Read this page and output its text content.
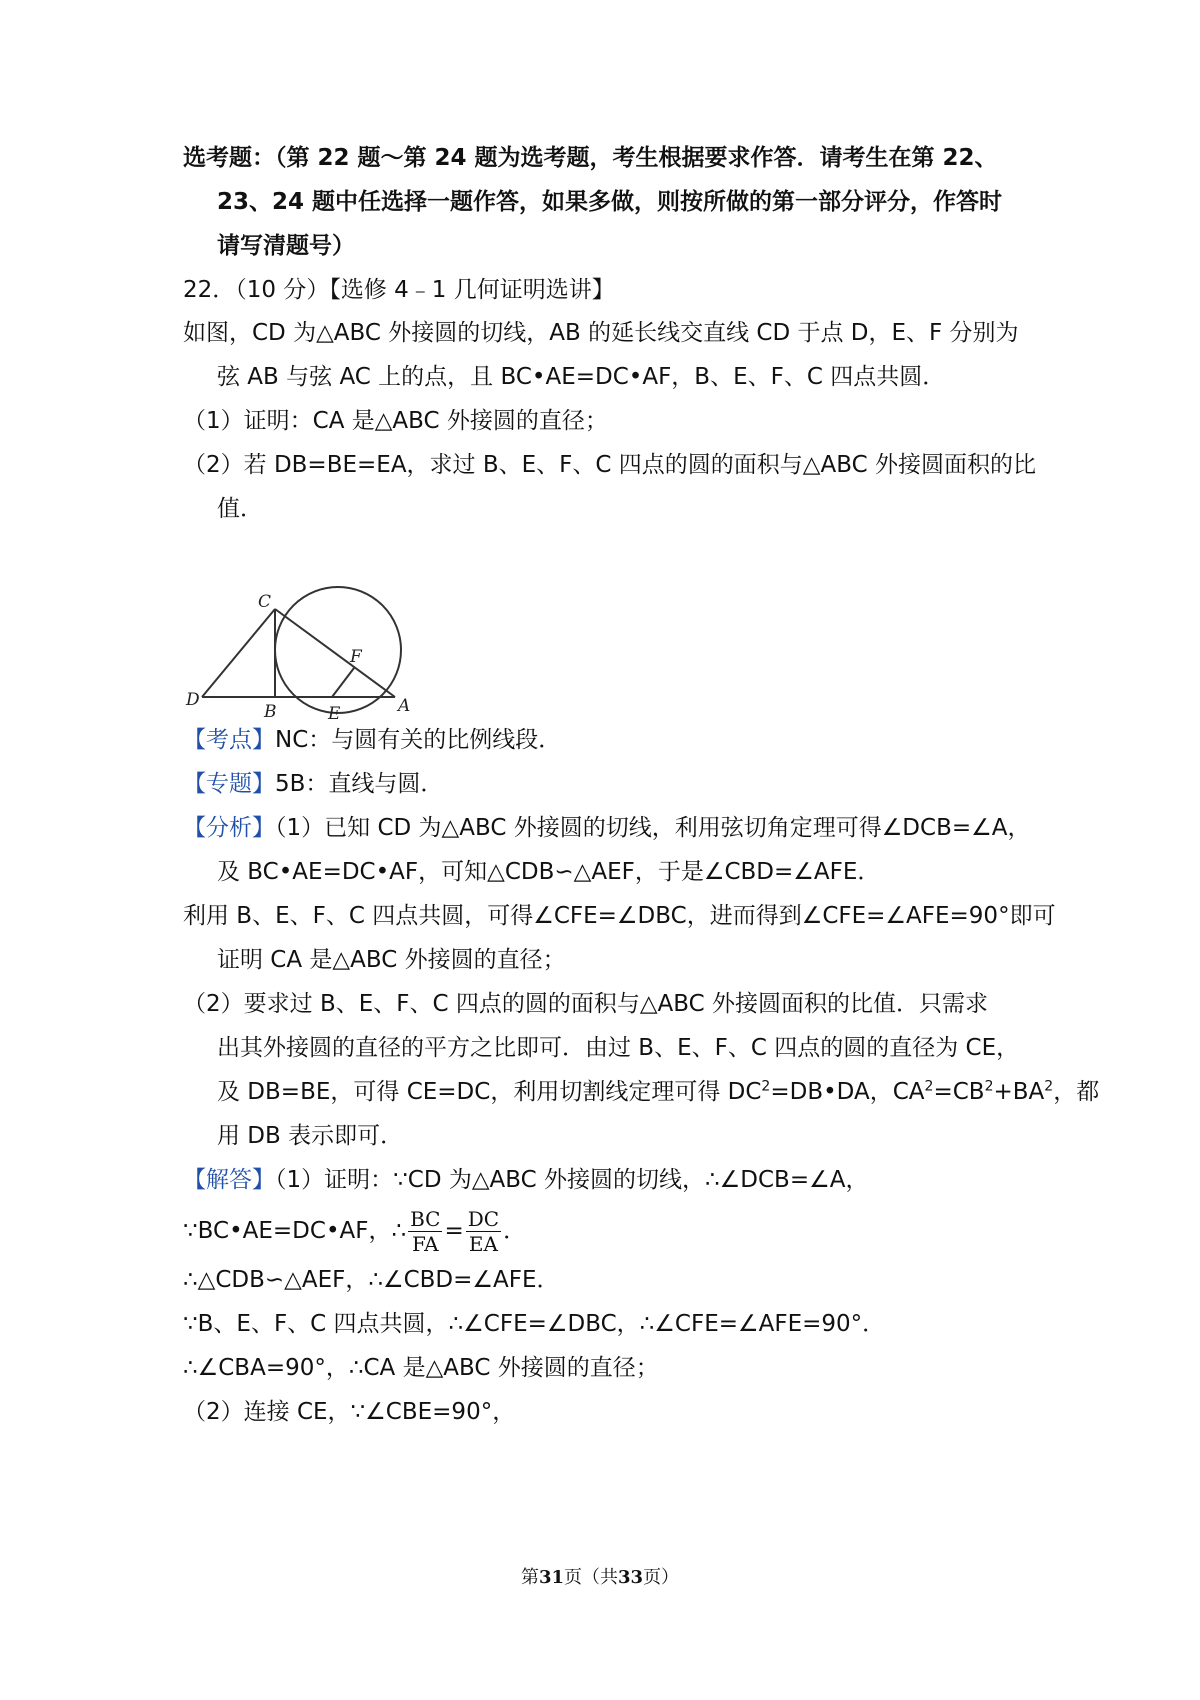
选考题：（第 22 题～第 24 题为选考题，考生根据要求作答．请考生在第 22、
23、24 题中任选择一题作答，如果多做，则按所做的第一部分评分，作答时
请写清题号）
22．（10 分）【选修 4﹣1 几何证明选讲】
如图，CD 为△ABC 外接圆的切线，AB 的延长线交直线 CD 于点 D，E、F 分别为
弦 AB 与弦 AC 上的点，且 BC•AE=DC•AF，B、E、F、C 四点共圆．
（1）证明：CA 是△ABC 外接圆的直径；
（2）若 DB=BE=EA，求过 B、E、F、C 四点的圆的面积与△ABC 外接圆面积的比
值．
C
D
B	E	A
F
【考点】NC：与圆有关的比例线段．
【专题】5B：直线与圆．
【分析】（1）已知 CD 为△ABC 外接圆的切线，利用弦切角定理可得∠DCB=∠A，
及 BC•AE=DC•AF，可知△CDB∽△AEF，于是∠CBD=∠AFE．
利用 B、E、F、C 四点共圆，可得∠CFE=∠DBC，进而得到∠CFE=∠AFE=90°即可
证明 CA 是△ABC 外接圆的直径；
（2）要求过 B、E、F、C 四点的圆的面积与△ABC 外接圆面积的比值．只需求
出其外接圆的直径的平方之比即可．由过 B、E、F、C 四点的圆的直径为 CE，
及 DB=BE，可得 CE=DC，利用切割线定理可得 $DC^2=DB•DA$，$CA^2=CB^2+BA^2$，都
用 DB 表示即可．
【解答】（1）证明：∵CD 为△ABC 外接圆的切线，∴∠DCB=∠A，
∵BC•AE=DC•AF，∴ $\frac{BC}{FA} = \frac{DC}{EA}$ ．
∴△CDB∽△AEF，∴∠CBD=∠AFE．
∵B、E、F、C 四点共圆，∴∠CFE=∠DBC，∴∠CFE=∠AFE=90°．
∴∠CBA=90°，∴CA 是△ABC 外接圆的直径；
（2）连接 CE，∵∠CBE=90°，
第31页（共33页）
